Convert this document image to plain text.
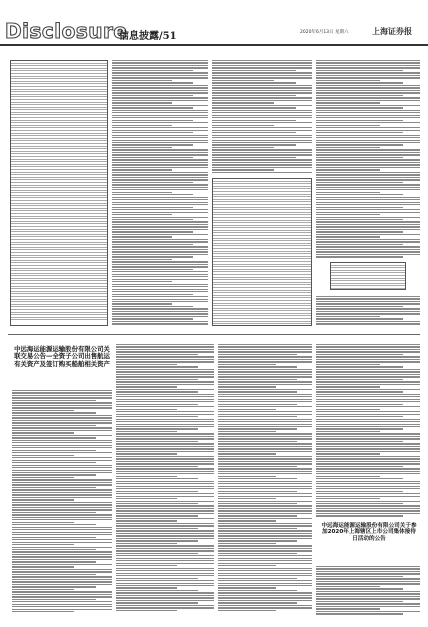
Disclosure
信息披露/51	2020年6月13日 星期六	上海证券报
中远海运能源运输股份有限公司关联交易公告—全资子公司出售航运有关资产及签订购买船舶相关资产
中远海运能源运输股份有限公司关于参加2020年上海辖区上市公司集体接待日活动的公告
